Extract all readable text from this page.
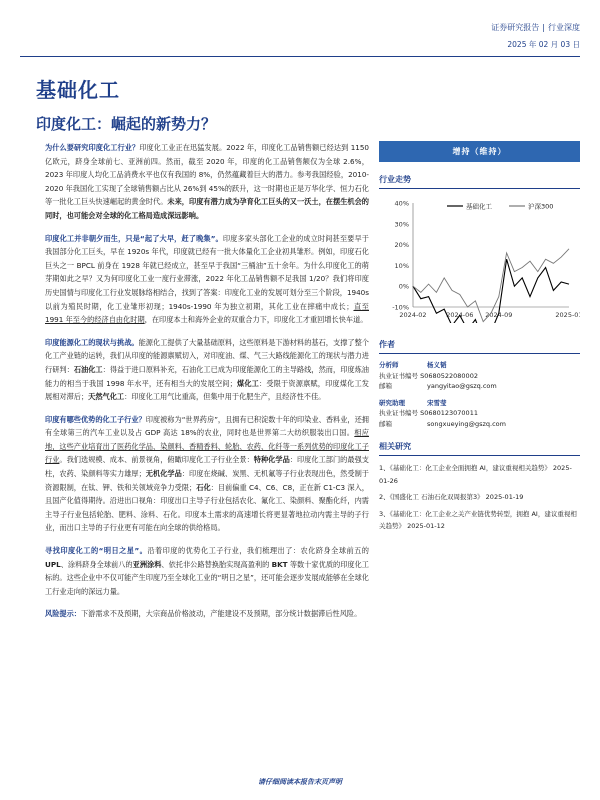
证券研究报告 | 行业深度
2025 年 02 月 03 日
基础化工
印度化工：崛起的新势力？

为什么要研究印度化工行业？印度化工业正在迅猛发展。2022 年，印度化工品销售额已经达到 1150 亿欧元，跻身全球前七、亚洲前四。然而，截至 2020 年，印度的化工品销售额仅为全球 2.6%，2023 年印度人均化工品消费水平也仅有我国的 8%，仍然蕴藏着巨大的潜力。参考我国经验，2010-2020 年我国化工实现了全球销售额占比从 26%到 45%的跃升，这一时期也正是万华化学、恒力石化等一批化工巨头快速崛起的黄金时代。未来，印度有潜力成为孕育化工巨头的又一沃土，在摆生机会的同时，也可能会对全球的化工格局造成深远影响。

印度化工并非朝夕而生，只是“起了大早，赶了晚集”。印度多家头部化工企业的成立时间甚至要早于我国部分化工巨头，早在 1920s 年代，印度就已经有一批大体量化工企业初具雏形。例如，印度石化巨头之一 BPCL 前身在 1928 年就已经成立，甚至早于我国“三桶油”五十余年。为什么印度化工的萌芽期如此之早？又为何印度化工业一度行业滞涨，2022 年化工品销售额不足我国 1/20？我们将印度历史国情与印度化工行业发展脉络相结合，找到了答案：印度化工业的发展可划分至三个阶段，1940s 以前为殖民时期，化工业雏形初现；1940s-1990 年为独立初期，其化工业在摔痛中成长；直至 1991 年至今的经济自由化时期，在印度本土和海外企业的双重合力下，印度化工才重回增长快车道。

印度能源化工的现状与挑战。能源化工提供了大量基础原料，这些原料是下游材料的基石，支撑了整个化工产业链的运转，我们从印度的能源禀赋切入，对印度油、煤、气三大路线能源化工的现状与潜力进行研判：石油化工：得益于进口原料补充，石油化工已成为印度能源化工的主导路线，然而，印度炼油能力的相当于我国 1998 年水平，还有相当大的发展空间；煤化工：受限于资源禀赋，印度煤化工发展相对滞后；天然气化工：印度化工用气比重高，但集中用于化肥生产，且经济性不佳。

印度有哪些优势的化工子行业？印度被称为“世界药房”，且拥有已积淀数十年的印染业、香料业，还拥有全球第三的汽车工业以及占 GDP 高达 18%的农业，同时也是世界第二大纺织服装出口国。相应地，这些产业培育出了医药化学品、染颜料、香精香料、轮胎、农药、化纤等一系列优势的印度化工子行业。我们选规模、成本、前景视角，俯瞰印度化工子行业全景：特种化学品：印度化工部门的最强支柱，农药、染颜料等实力雄厚；无机化学品：印度在烧碱、炭黑、无机氟等子行业表现出色，然受制于资源限制，在钛、钾、铁和关领域竞争力受限；石化：目前偏重 C4、C6、C8，正在新 C1-C3 深入，且国产化值得期待。沿进出口视角：印度出口主导子行业包括农化、氟化工、染颜料、聚酯化纤，内需主导子行业包括轮胎、肥料、涂料、石化。印度本土需求的高速增长将更显著地拉动内需主导的子行业，而出口主导的子行业更有可能在向全球的供给格局。

寻找印度化工的“明日之星”。沿着印度的优势化工子行业，我们梳理出了：农化跻身全球前五的 UPL、涂料跻身全球前八的亚洲涂料、依托非公路替换胎实现高盈利的 BKT 等数十家优质的印度化工标的。这些企业中不仅可能产生印度乃至全球化工业的“明日之星”，还可能会逐步发展成能够在全球化工行业走向的深远力量。

风险提示：下游需求不及预期，大宗商品价格波动，产能建设不及预期，部分统计数据滞后性风险。

增持（维持）
行业走势
40%
30%
20%
10%
0%
-10%
2024-02	2024-06 2024-09	2025-01
基础化工	沪深300
作者
分析师	杨义韬
执业证书编号 S0680522080002
邮箱	yangyitao@gszq.com
研究助理	宋雪莹
执业证书编号 S0680123070011
邮箱	songxueying@gszq.com
相关研究
1、《基础化工：化工企业全面拥抱 AI，建议重视相关趋势》 2025-01-26
2、《国盛化工 石油石化双周报第3》 2025-01-19
3、《基础化工：化工企业之关产业链优势转型，拥抱 AI，建议重视相关趋势》 2025-01-12
请仔细阅读本报告末页声明
